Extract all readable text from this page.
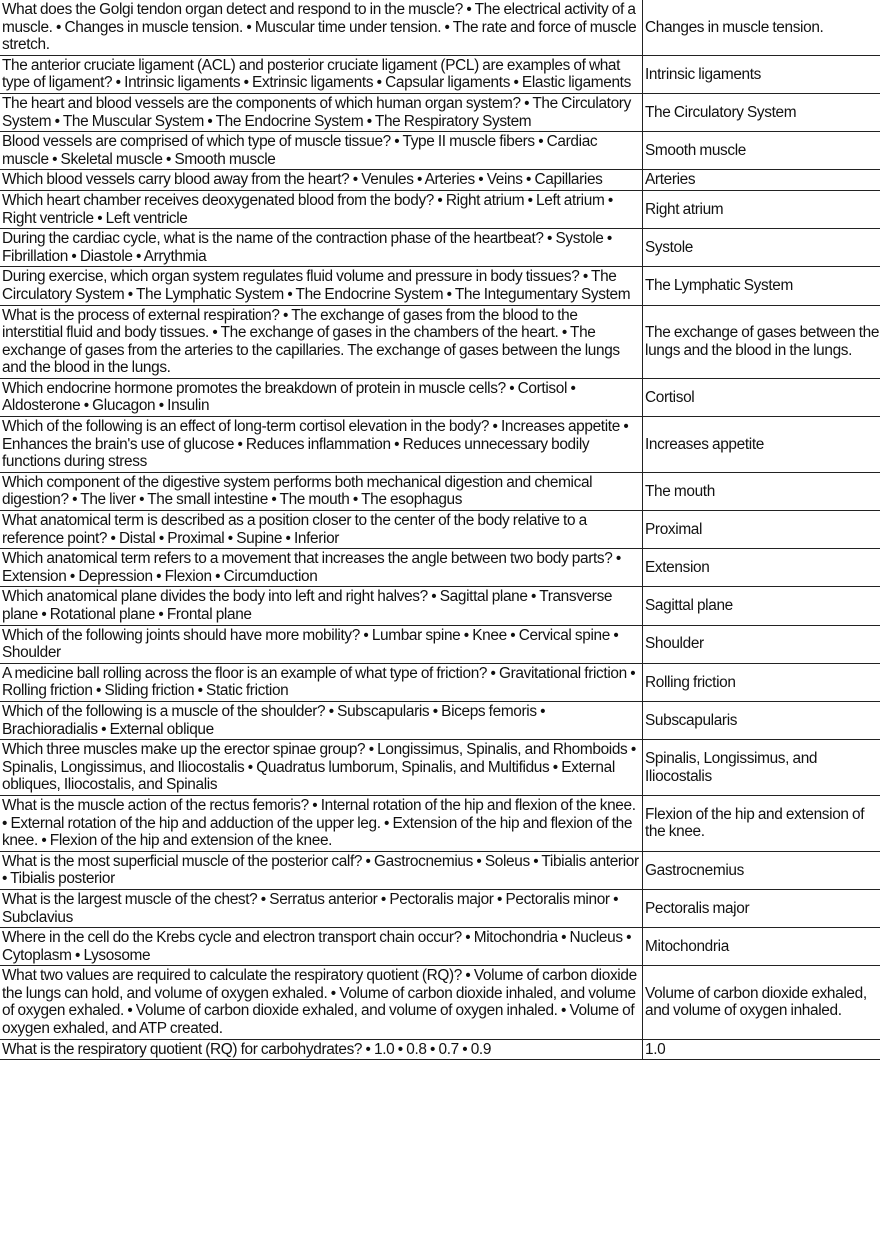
What does the Golgi tendon organ detect and respond to in the muscle? • The electrical activity of a muscle. • Changes in muscle tension. • Muscular time under tension. • The rate and force of muscle stretch.	Changes in muscle tension.
The anterior cruciate ligament (ACL) and posterior cruciate ligament (PCL) are examples of what type of ligament? • Intrinsic ligaments • Extrinsic ligaments • Capsular ligaments • Elastic ligaments	Intrinsic ligaments
The heart and blood vessels are the components of which human organ system? • The Circulatory System • The Muscular System • The Endocrine System • The Respiratory System	The Circulatory System
Blood vessels are comprised of which type of muscle tissue? • Type II muscle fibers • Cardiac muscle • Skeletal muscle • Smooth muscle	Smooth muscle
Which blood vessels carry blood away from the heart? • Venules • Arteries • Veins • Capillaries	Arteries
Which heart chamber receives deoxygenated blood from the body? • Right atrium • Left atrium • Right ventricle • Left ventricle	Right atrium
During the cardiac cycle, what is the name of the contraction phase of the heartbeat? • Systole • Fibrillation • Diastole • Arrythmia	Systole
During exercise, which organ system regulates fluid volume and pressure in body tissues? • The Circulatory System • The Lymphatic System • The Endocrine System • The Integumentary System	The Lymphatic System
What is the process of external respiration? • The exchange of gases from the blood to the interstitial fluid and body tissues. • The exchange of gases in the chambers of the heart. • The exchange of gases from the arteries to the capillaries. The exchange of gases between the lungs and the blood in the lungs.	The exchange of gases between the lungs and the blood in the lungs.
Which endocrine hormone promotes the breakdown of protein in muscle cells? • Cortisol • Aldosterone • Glucagon • Insulin	Cortisol
Which of the following is an effect of long-term cortisol elevation in the body? • Increases appetite • Enhances the brain's use of glucose • Reduces inflammation • Reduces unnecessary bodily functions during stress	Increases appetite
Which component of the digestive system performs both mechanical digestion and chemical digestion? • The liver • The small intestine • The mouth • The esophagus	The mouth
What anatomical term is described as a position closer to the center of the body relative to a reference point? • Distal • Proximal • Supine • Inferior	Proximal
Which anatomical term refers to a movement that increases the angle between two body parts? • Extension • Depression • Flexion • Circumduction	Extension
Which anatomical plane divides the body into left and right halves? • Sagittal plane • Transverse plane • Rotational plane • Frontal plane	Sagittal plane
Which of the following joints should have more mobility? • Lumbar spine • Knee • Cervical spine • Shoulder	Shoulder
A medicine ball rolling across the floor is an example of what type of friction? • Gravitational friction • Rolling friction • Sliding friction • Static friction	Rolling friction
Which of the following is a muscle of the shoulder? • Subscapularis • Biceps femoris • Brachioradialis • External oblique	Subscapularis
Which three muscles make up the erector spinae group? • Longissimus, Spinalis, and Rhomboids • Spinalis, Longissimus, and Iliocostalis • Quadratus lumborum, Spinalis, and Multifidus • External obliques, Iliocostalis, and Spinalis	Spinalis, Longissimus, and Iliocostalis
What is the muscle action of the rectus femoris? • Internal rotation of the hip and flexion of the knee. • External rotation of the hip and adduction of the upper leg. • Extension of the hip and flexion of the knee. • Flexion of the hip and extension of the knee.	Flexion of the hip and extension of the knee.
What is the most superficial muscle of the posterior calf? • Gastrocnemius • Soleus • Tibialis anterior • Tibialis posterior	Gastrocnemius
What is the largest muscle of the chest? • Serratus anterior • Pectoralis major • Pectoralis minor • Subclavius	Pectoralis major
Where in the cell do the Krebs cycle and electron transport chain occur? • Mitochondria • Nucleus • Cytoplasm • Lysosome	Mitochondria
What two values are required to calculate the respiratory quotient (RQ)? • Volume of carbon dioxide the lungs can hold, and volume of oxygen exhaled. • Volume of carbon dioxide inhaled, and volume of oxygen exhaled. • Volume of carbon dioxide exhaled, and volume of oxygen inhaled. • Volume of oxygen exhaled, and ATP created.	Volume of carbon dioxide exhaled, and volume of oxygen inhaled.
What is the respiratory quotient (RQ) for carbohydrates? • 1.0 • 0.8 • 0.7 • 0.9	1.0
